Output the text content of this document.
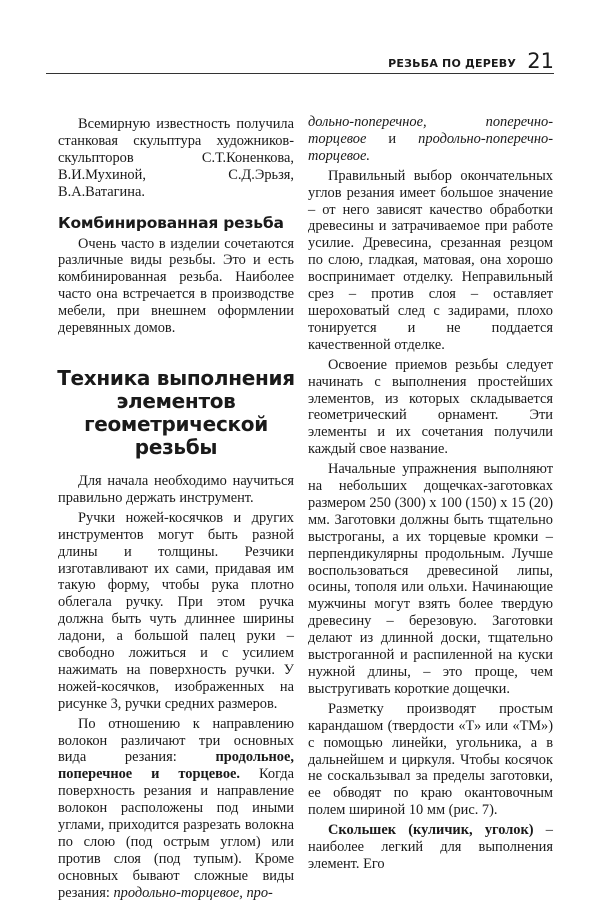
РЕЗЬБА ПО ДЕРЕВУ 21

Всемирную известность получила станковая скульптура художников-скульпторов С.Т.Коненкова, В.И.Мухиной, С.Д.Эрьзя, В.А.Ватагина.

Комбинированная резьба

Очень часто в изделии сочетаются различные виды резьбы. Это и есть комбинированная резьба. Наиболее часто она встречается в производстве мебели, при внешнем оформлении деревянных домов.

Техника выполнения
элементов
геометрической резьбы

Для начала необходимо научиться правильно держать инструмент.

Ручки ножей-косячков и других инструментов могут быть разной длины и толщины. Резчики изготавливают их сами, придавая им такую форму, чтобы рука плотно облегала ручку. При этом ручка должна быть чуть длиннее ширины ладони, а большой палец руки – свободно ложиться и с усилием нажимать на поверхность ручки. У ножей-косячков, изображенных на рисунке 3, ручки средних размеров.

По отношению к направлению волокон различают три основных вида резания: продольное, поперечное и торцевое. Когда поверхность резания и направление волокон расположены под иными углами, приходится разрезать волокна по слою (под острым углом) или против слоя (под тупым). Кроме основных бывают сложные виды резания: продольно-торцевое, про-

дольно-поперечное, поперечно-торцевое и продольно-поперечно-торцевое.

Правильный выбор окончательных углов резания имеет большое значение – от него зависят качество обработки древесины и затрачиваемое при работе усилие. Древесина, срезанная резцом по слою, гладкая, матовая, она хорошо воспринимает отделку. Неправильный срез – против слоя – оставляет шероховатый след с задирами, плохо тонируется и не поддается качественной отделке.

Освоение приемов резьбы следует начинать с выполнения простейших элементов, из которых складывается геометрический орнамент. Эти элементы и их сочетания получили каждый свое название.

Начальные упражнения выполняют на небольших дощечках-заготовках размером 250 (300) х 100 (150) х 15 (20) мм. Заготовки должны быть тщательно выстроганы, а их торцевые кромки – перпендикулярны продольным. Лучше воспользоваться древесиной липы, осины, тополя или ольхи. Начинающие мужчины могут взять более твердую древесину – березовую. Заготовки делают из длинной доски, тщательно выстроганной и распиленной на куски нужной длины, – это проще, чем выстругивать короткие дощечки.

Разметку производят простым карандашом (твердости «Т» или «ТМ») с помощью линейки, угольника, а в дальнейшем и циркуля. Чтобы косячок не соскальзывал за пределы заготовки, ее обводят по краю окантовочным полем шириной 10 мм (рис. 7).

Скольшек (куличик, уголок) – наиболее легкий для выполнения элемент. Его
